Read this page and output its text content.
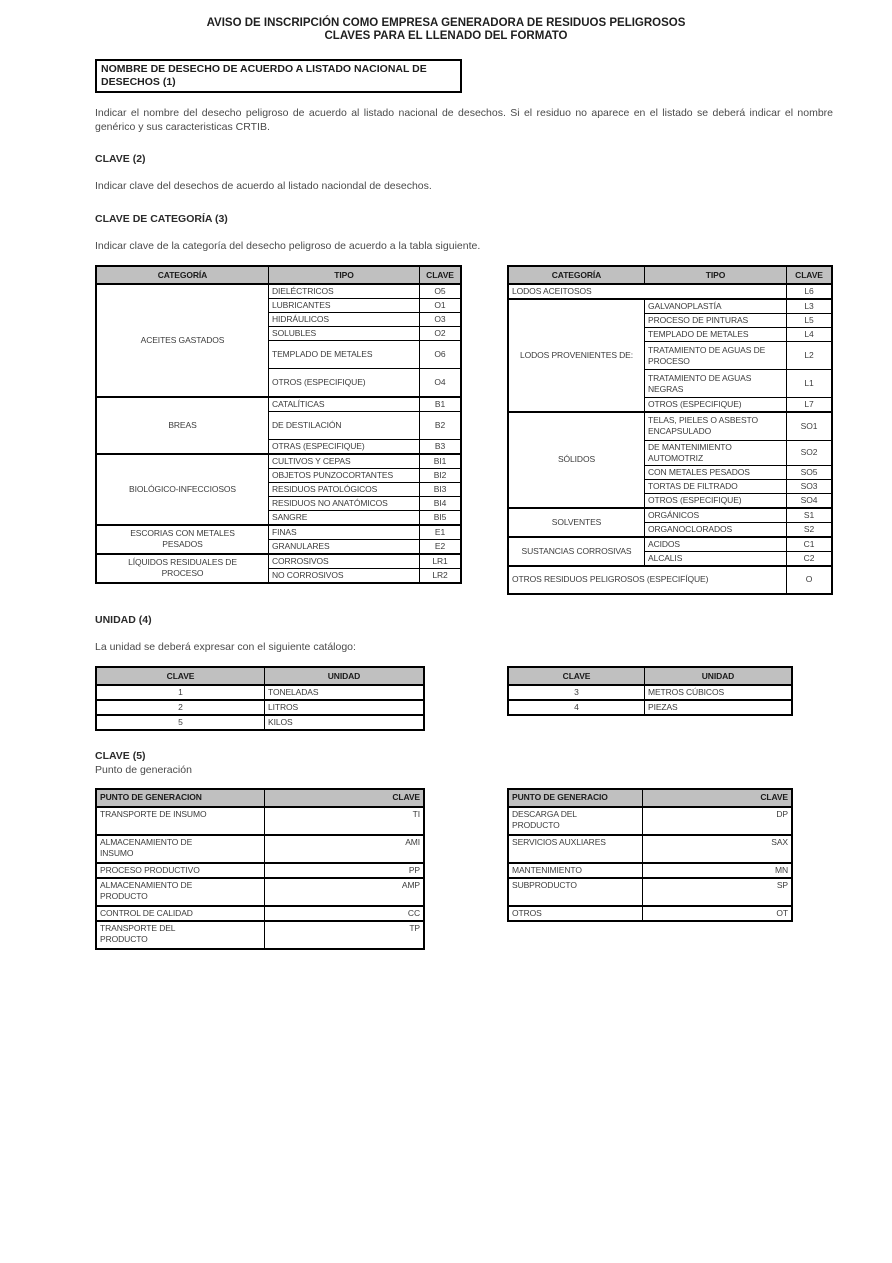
AVISO DE INSCRIPCIÓN COMO EMPRESA GENERADORA DE RESIDUOS PELIGROSOS
CLAVES PARA EL LLENADO DEL FORMATO
NOMBRE DE DESECHO DE ACUERDO A LISTADO NACIONAL DE DESECHOS (1)

Indicar el nombre del desecho peligroso de acuerdo al listado nacional de desechos. Si el residuo no aparece en el listado se deberá indicar el nombre genérico y sus caracteristicas CRTIB.

CLAVE (2)

Indicar clave del desechos de acuerdo al listado naciondal de desechos.

CLAVE DE CATEGORÍA (3)

Indicar clave de la categoría del desecho peligroso de acuerdo a la tabla siguiente.

CATEGORÍA	TIPO	CLAVE
ACEITES GASTADOS	DIELÉCTRICOS	O5
	LUBRICANTES	O1
	HIDRÁULICOS	O3
	SOLUBLES	O2
	TEMPLADO DE METALES	O6
	OTROS (ESPECIFIQUE)	O4
BREAS	CATALÍTICAS	B1
	DE DESTILACIÓN	B2
	OTRAS (ESPECIFIQUE)	B3
BIOLÓGICO-INFECCIOSOS	CULTIVOS Y CEPAS	BI1
	OBJETOS PUNZOCORTANTES	BI2
	RESIDUOS PATOLÓGICOS	BI3
	RESIDUOS NO ANATÓMICOS	BI4
	SANGRE	BI5
ESCORIAS CON METALES PESADOS	FINAS	E1
	GRANULARES	E2
LÍQUIDOS RESIDUALES DE PROCESO	CORROSIVOS	LR1
	NO CORROSIVOS	LR2
CATEGORÍA	TIPO	CLAVE
LODOS ACEITOSOS		L6
LODOS PROVENIENTES DE:	GALVANOPLASTÍA	L3
	PROCESO DE PINTURAS	L5
	TEMPLADO DE METALES	L4
	TRATAMIENTO DE AGUAS DE PROCESO	L2
	TRATAMIENTO DE AGUAS NEGRAS	L1
	OTROS (ESPECIFIQUE)	L7
SÓLIDOS	TELAS, PIELES O ASBESTO ENCAPSULADO	SO1
	DE MANTENIMIENTO AUTOMOTRIZ	SO2
	CON METALES PESADOS	SO5
	TORTAS DE FILTRADO	SO3
	OTROS (ESPECIFIQUE)	SO4
SOLVENTES	ORGÁNICOS	S1
	ORGANOCLORADOS	S2
SUSTANCIAS CORROSIVAS	ACIDOS	C1
	ALCALIS	C2
OTROS RESIDUOS PELIGROSOS (ESPECIFÍQUE)		O
UNIDAD (4)

La unidad se deberá expresar con el siguiente catálogo:

CLAVE	UNIDAD
1	TONELADAS
2	LITROS
5	KILOS
CLAVE	UNIDAD
3	METROS CÚBICOS
4	PIEZAS
CLAVE (5)

Punto de generación

PUNTO DE GENERACION	CLAVE
TRANSPORTE DE INSUMO	TI
ALMACENAMIENTO DE INSUMO	AMI
PROCESO PRODUCTIVO	PP
ALMACENAMIENTO DE PRODUCTO	AMP
CONTROL DE CALIDAD	CC
TRANSPORTE DEL PRODUCTO	TP
PUNTO DE GENERACIO	CLAVE
DESCARGA DEL PRODUCTO	DP
SERVICIOS AUXLIARES	SAX
MANTENIMIENTO	MN
SUBPRODUCTO	SP
OTROS	OT
